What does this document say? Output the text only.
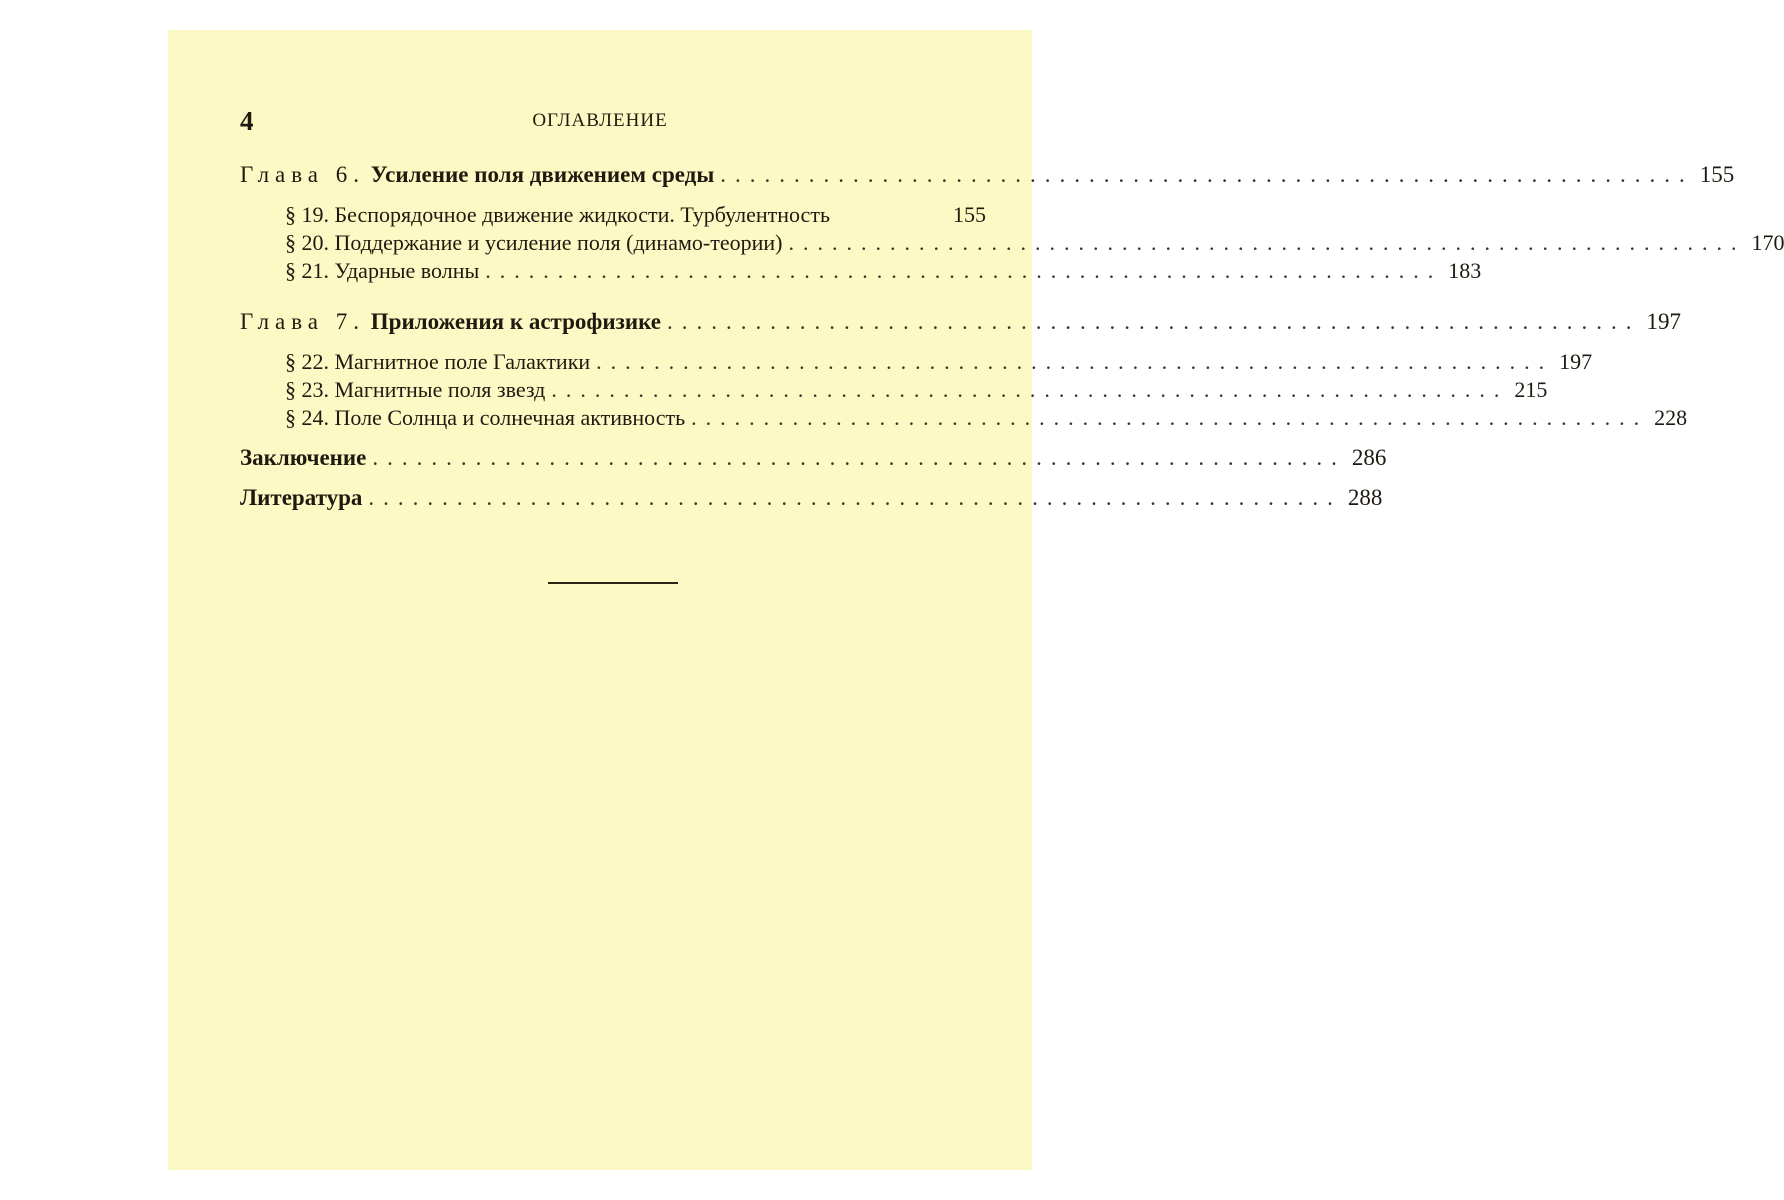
4	ОГЛАВЛЕНИЕ
Глава 6. Усиление поля движением среды .................................................................. 155
§ 19. Беспорядочное движение жидкости. Турбулентность	155
§ 20. Поддержание и усиление поля (динамо-теории) .................................................................. 170
§ 21. Ударные волны .................................................................. 183
Глава 7. Приложения к астрофизике .................................................................. 197
§ 22. Магнитное поле Галактики .................................................................. 197
§ 23. Магнитные поля звезд .................................................................. 215
§ 24. Поле Солнца и солнечная активность .................................................................. 228
Заключение .................................................................. 286
Литература .................................................................. 288
